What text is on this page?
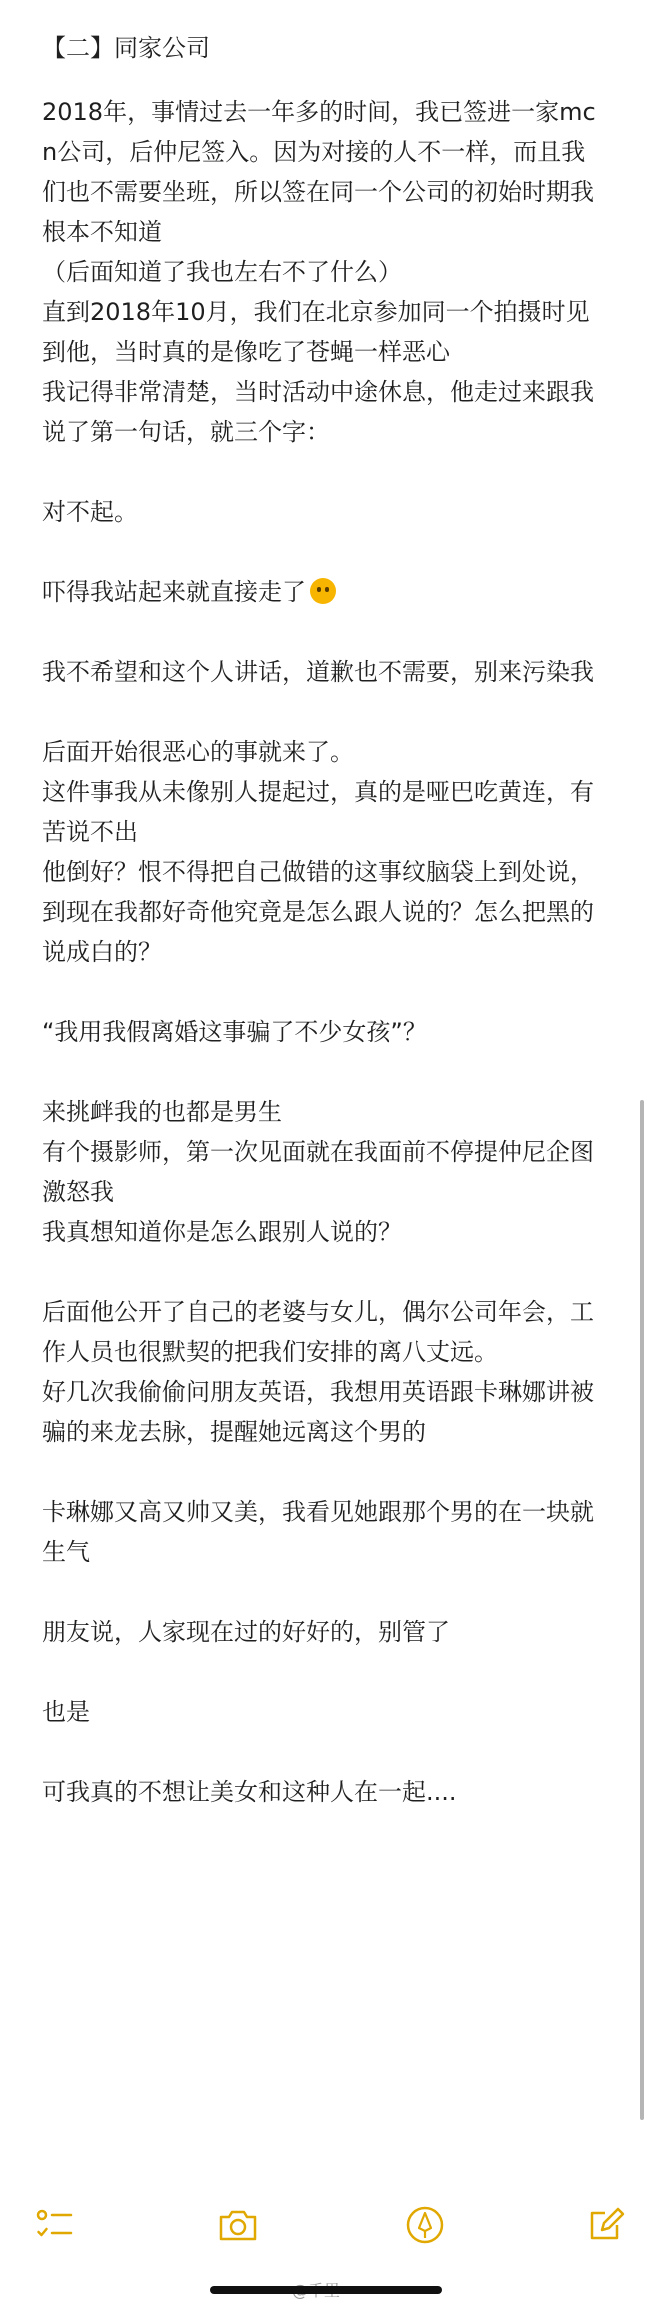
【二】同家公司

2018年，事情过去一年多的时间，我已签进一家mcn公司，后仲尼签入。因为对接的人不一样，而且我们也不需要坐班，所以签在同一个公司的初始时期我根本不知道

（后面知道了我也左右不了什么）

直到2018年10月，我们在北京参加同一个拍摄时见到他，当时真的是像吃了苍蝇一样恶心

我记得非常清楚，当时活动中途休息，他走过来跟我说了第一句话，就三个字：

对不起。

吓得我站起来就直接走了

我不希望和这个人讲话，道歉也不需要，别来污染我

后面开始很恶心的事就来了。

这件事我从未像别人提起过，真的是哑巴吃黄连，有苦说不出

他倒好？恨不得把自己做错的这事纹脑袋上到处说，到现在我都好奇他究竟是怎么跟人说的？怎么把黑的说成白的？

“我用我假离婚这事骗了不少女孩”？

来挑衅我的也都是男生

有个摄影师，第一次见面就在我面前不停提仲尼企图激怒我

我真想知道你是怎么跟别人说的？

后面他公开了自己的老婆与女儿，偶尔公司年会，工作人员也很默契的把我们安排的离八丈远。

好几次我偷偷问朋友英语，我想用英语跟卡琳娜讲被骗的来龙去脉，提醒她远离这个男的

卡琳娜又高又帅又美，我看见她跟那个男的在一块就生气

朋友说，人家现在过的好好的，别管了

也是

可我真的不想让美女和这种人在一起....
